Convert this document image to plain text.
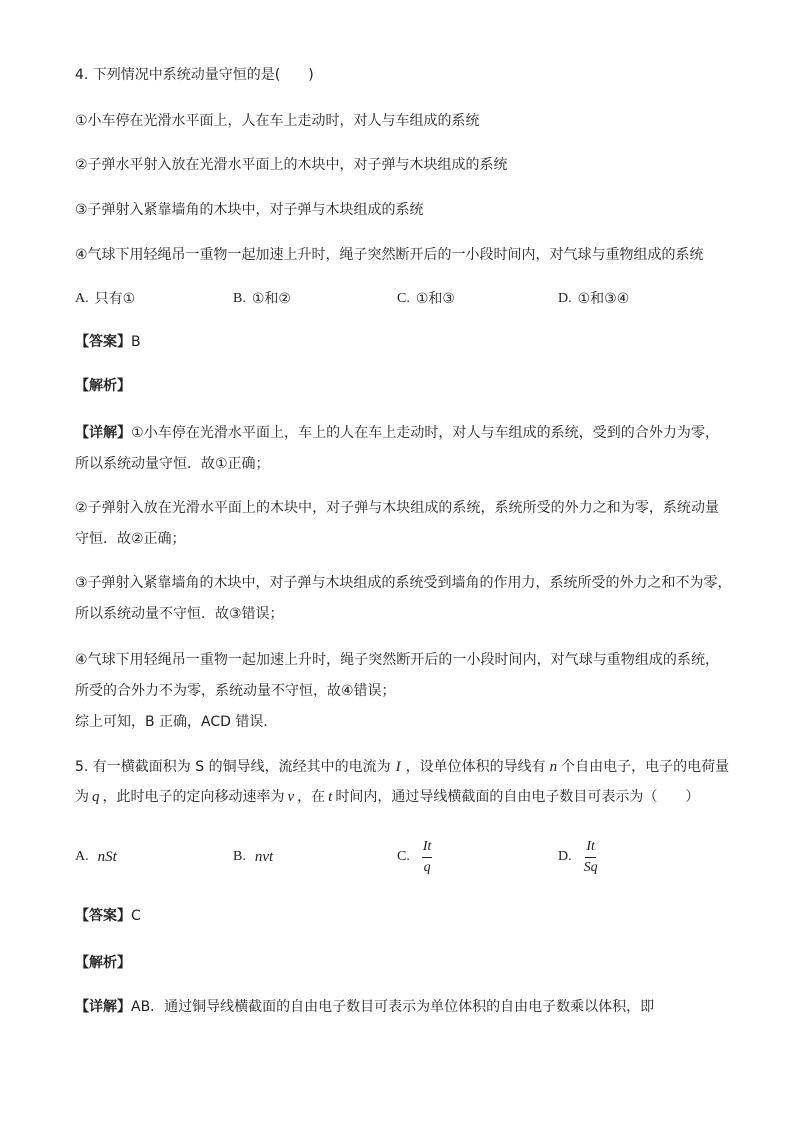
4. 下列情况中系统动量守恒的是(　　)
①小车停在光滑水平面上，人在车上走动时，对人与车组成的系统
②子弹水平射入放在光滑水平面上的木块中，对子弹与木块组成的系统
③子弹射入紧靠墙角的木块中，对子弹与木块组成的系统
④气球下用轻绳吊一重物一起加速上升时，绳子突然断开后的一小段时间内，对气球与重物组成的系统
A. 只有①	B. ①和②	C. ①和③	D. ①和③④
【答案】B
【解析】
【详解】①小车停在光滑水平面上，车上的人在车上走动时，对人与车组成的系统，受到的合外力为零，
所以系统动量守恒．故①正确；
②子弹射入放在光滑水平面上的木块中，对子弹与木块组成的系统，系统所受的外力之和为零，系统动量
守恒．故②正确；
③子弹射入紧靠墙角的木块中，对子弹与木块组成的系统受到墙角的作用力，系统所受的外力之和不为零，
所以系统动量不守恒．故③错误；
④气球下用轻绳吊一重物一起加速上升时，绳子突然断开后的一小段时间内，对气球与重物组成的系统，
所受的合外力不为零，系统动量不守恒，故④错误；
综上可知，B 正确，ACD 错误．
5. 有一横截面积为 S 的铜导线，流经其中的电流为 I ，设单位体积的导线有 n 个自由电子，电子的电荷量
为 q ，此时电子的定向移动速率为 v ，在 t 时间内，通过导线横截面的自由电子数目可表示为（　　）
A. nSt	B. nvt	C. $\frac{It}{q}$	D. $\frac{It}{Sq}$
【答案】C
【解析】
【详解】AB．通过铜导线横截面的自由电子数目可表示为单位体积的自由电子数乘以体积，即
